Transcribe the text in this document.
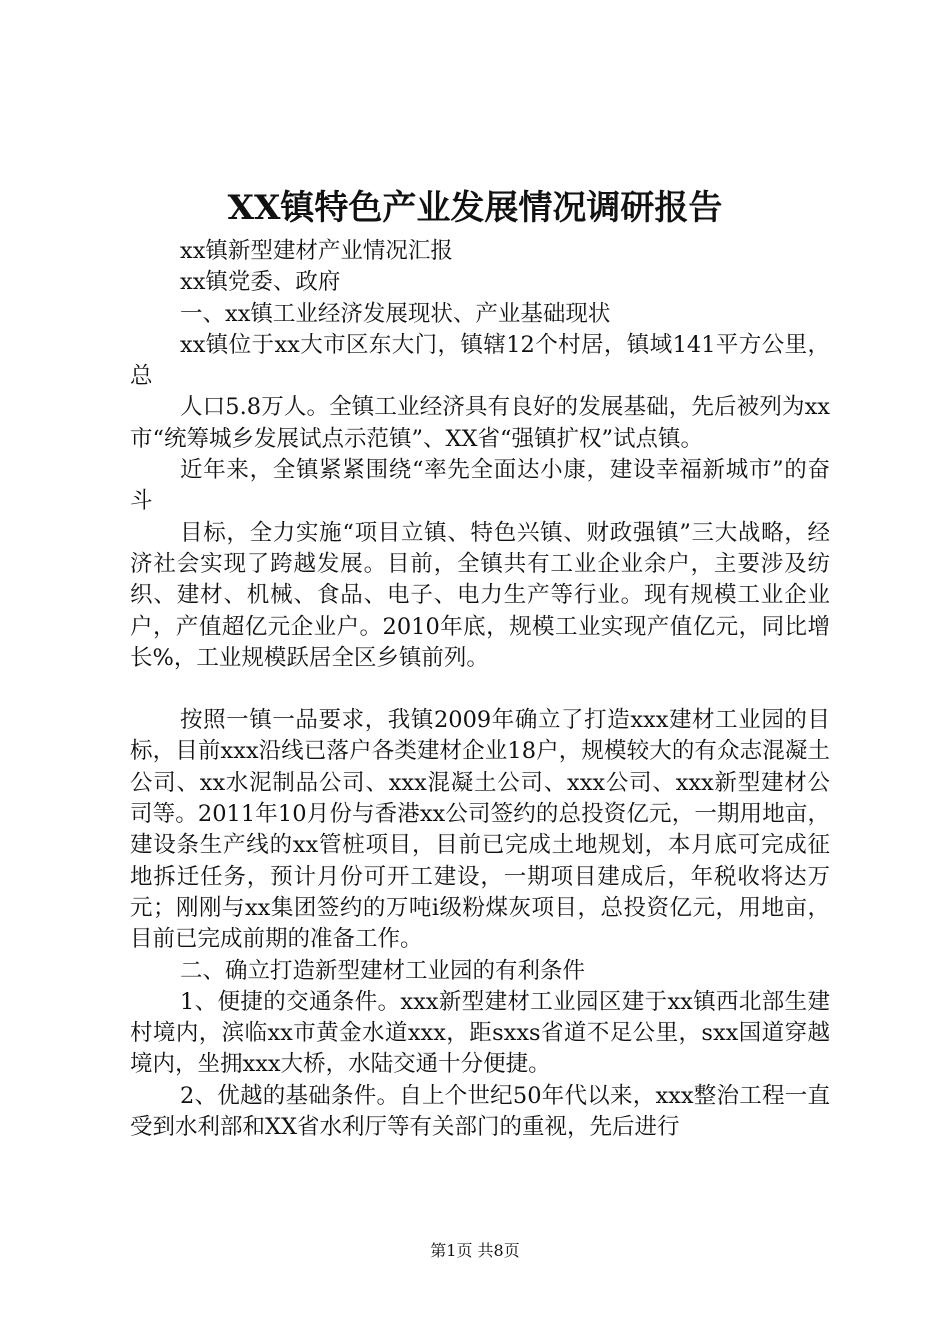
XX镇特色产业发展情况调研报告

xx镇新型建材产业情况汇报

xx镇党委、政府

一、xx镇工业经济发展现状、产业基础现状

xx镇位于xx大市区东大门，镇辖12个村居，镇域141平方公里，总

人口5.8万人。全镇工业经济具有良好的发展基础，先后被列为xx市“统筹城乡发展试点示范镇”、XX省“强镇扩权”试点镇。

近年来，全镇紧紧围绕“率先全面达小康，建设幸福新城市”的奋斗

目标，全力实施“项目立镇、特色兴镇、财政强镇”三大战略，经济社会实现了跨越发展。目前，全镇共有工业企业余户，主要涉及纺织、建材、机械、食品、电子、电力生产等行业。现有规模工业企业户，产值超亿元企业户。2010年底，规模工业实现产值亿元，同比增长%，工业规模跃居全区乡镇前列。

按照一镇一品要求，我镇2009年确立了打造xxx建材工业园的目标，目前xxx沿线已落户各类建材企业18户，规模较大的有众志混凝土公司、xx水泥制品公司、xxx混凝土公司、xxx公司、xxx新型建材公司等。2011年10月份与香港xx公司签约的总投资亿元，一期用地亩，建设条生产线的xx管桩项目，目前已完成土地规划，本月底可完成征地拆迁任务，预计月份可开工建设，一期项目建成后，年税收将达万元；刚刚与xx集团签约的万吨i级粉煤灰项目，总投资亿元，用地亩，目前已完成前期的准备工作。

二、确立打造新型建材工业园的有利条件

1、便捷的交通条件。xxx新型建材工业园区建于xx镇西北部生建村境内，滨临xx市黄金水道xxx，距sxxs省道不足公里，sxx国道穿越境内，坐拥xxx大桥，水陆交通十分便捷。

2、优越的基础条件。自上个世纪50年代以来，xxx整治工程一直受到水利部和XX省水利厅等有关部门的重视，先后进行

第1页 共8页
